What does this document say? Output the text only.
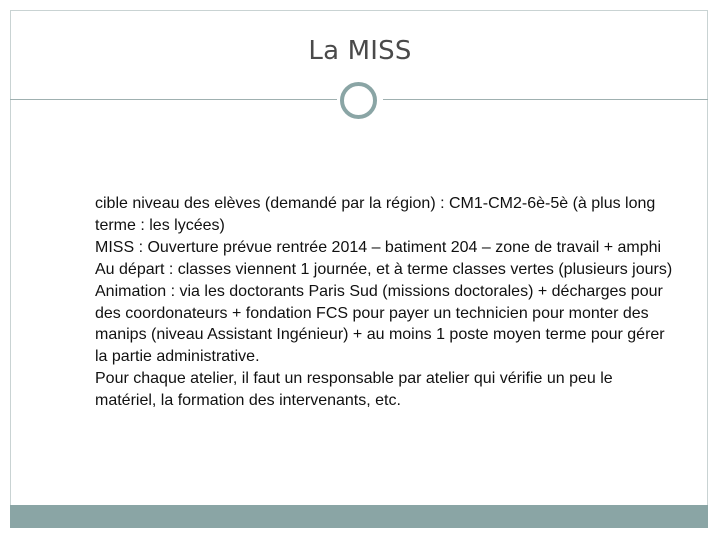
La MISS

cible niveau des elèves (demandé par la région) : CM1-CM2-6è-5è (à plus long terme : les lycées)

MISS : Ouverture prévue rentrée 2014 – batiment 204 – zone de travail + amphi

Au départ : classes viennent 1 journée, et à terme classes vertes (plusieurs jours)

Animation : via les doctorants Paris Sud (missions doctorales) + décharges pour des coordonateurs + fondation FCS pour payer un technicien pour monter des manips (niveau Assistant Ingénieur) + au moins 1 poste moyen terme pour gérer la partie administrative.

Pour chaque atelier, il faut un responsable par atelier qui vérifie un peu le matériel, la formation des intervenants, etc.
